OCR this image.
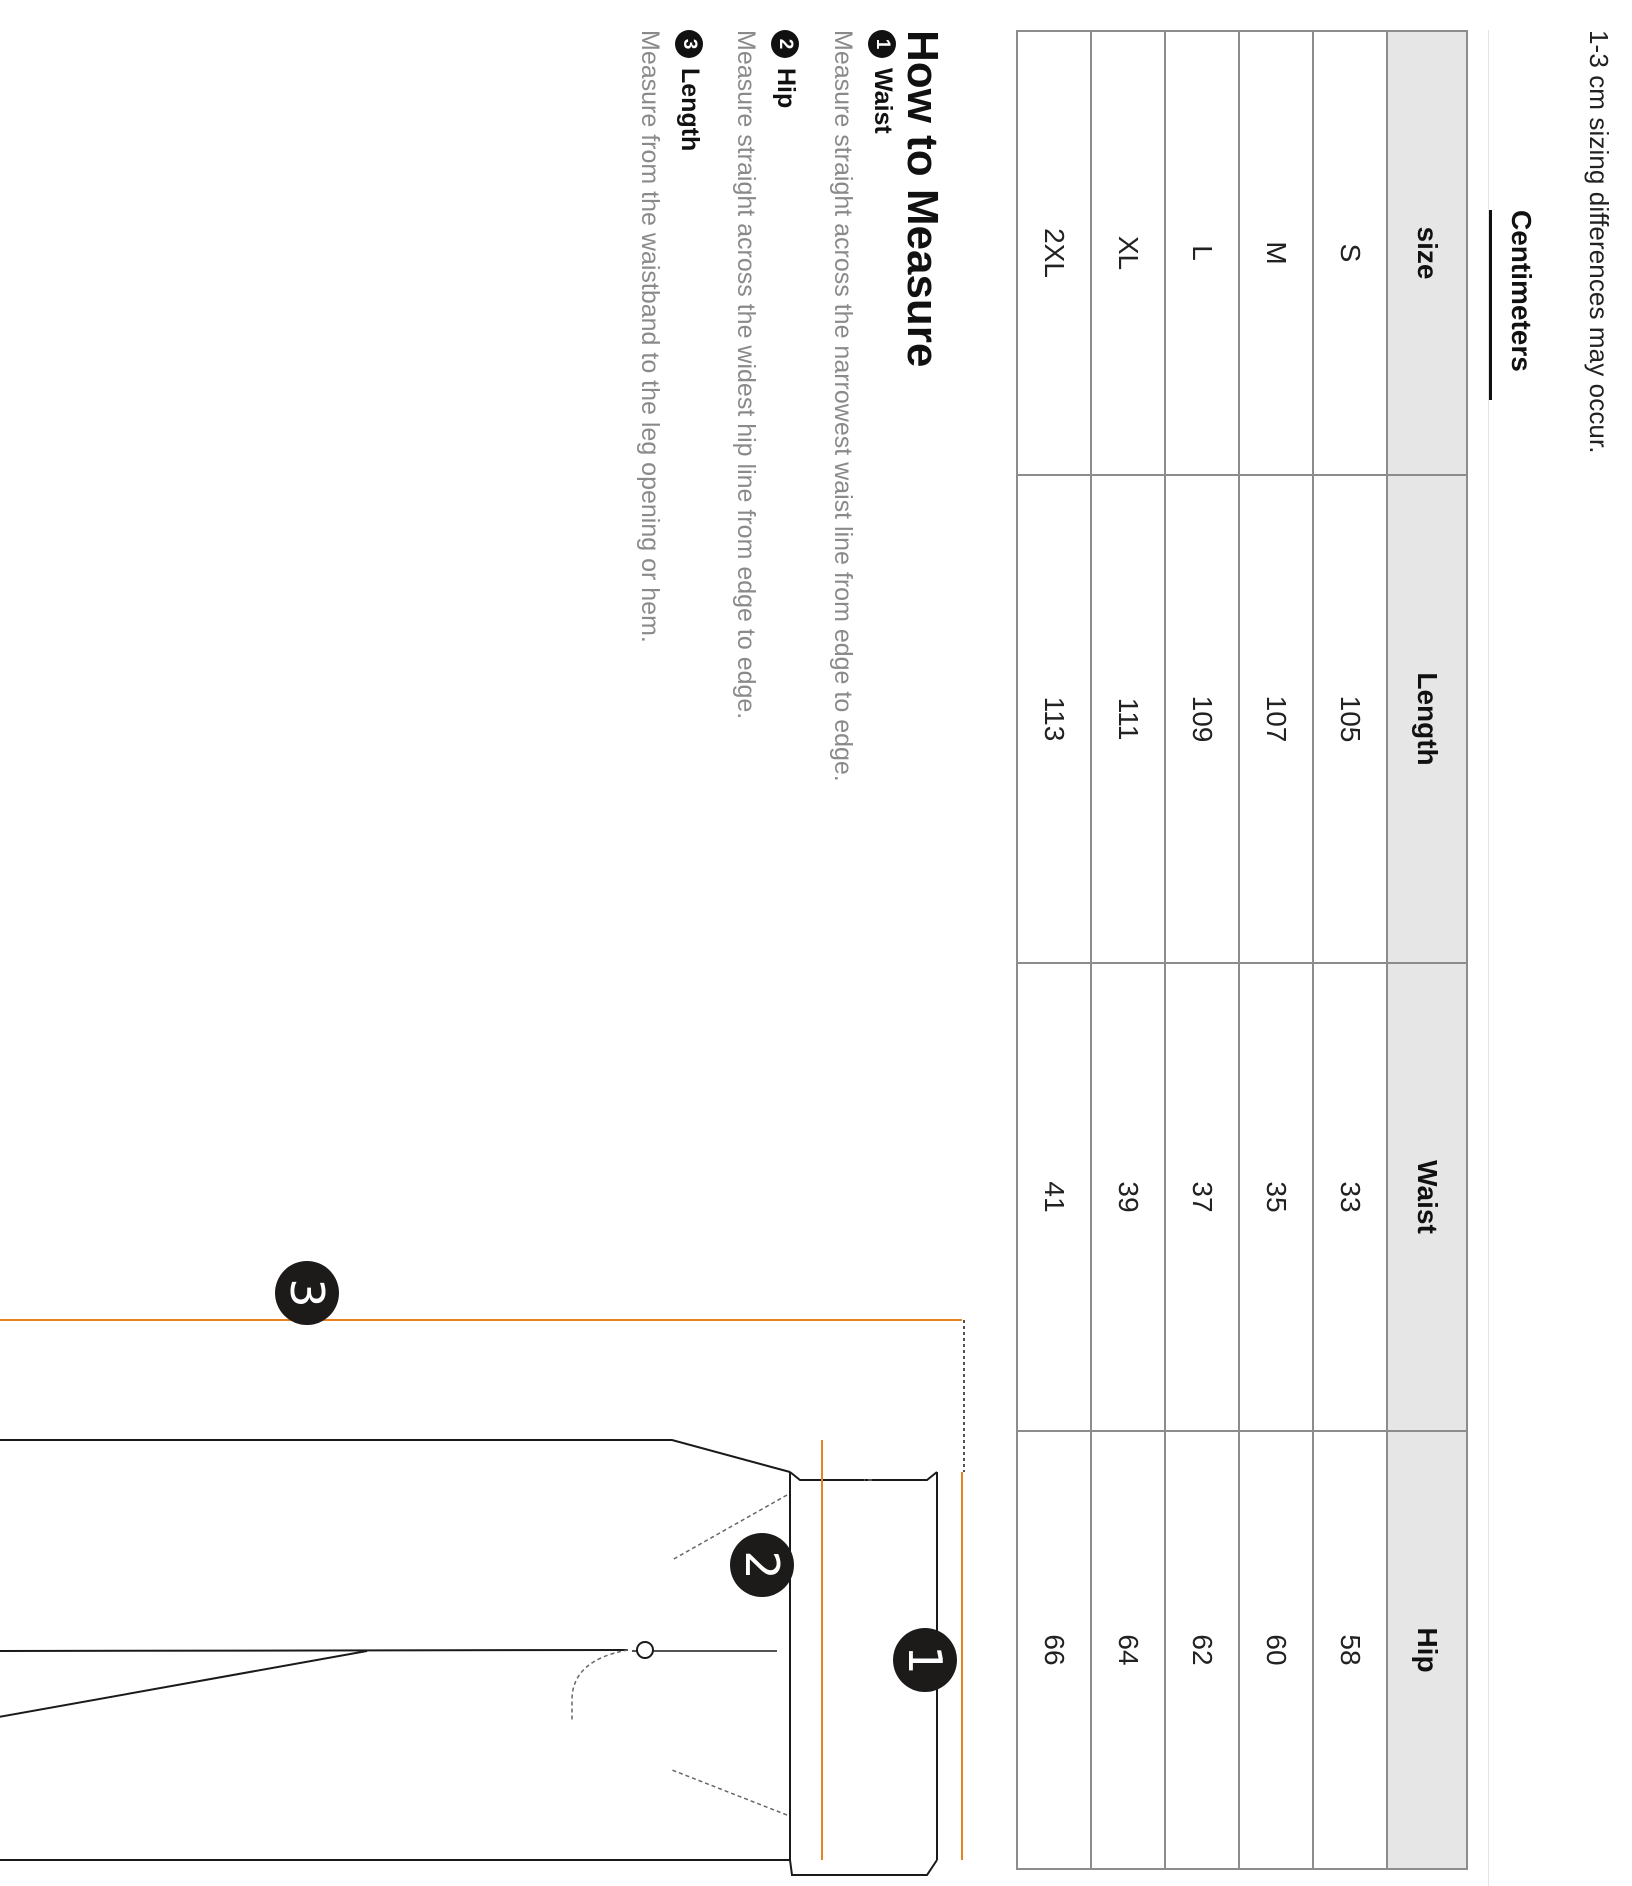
1-3 cm sizing differences may occur.
Centimeters
size	Length	Waist	Hip
S	105	33	58
M	107	35	60
L	109	37	62
XL	111	39	64
2XL	113	41	66
How to Measure
1
Waist
Measure straight across the narrowest waist line from edge to edge.
2
Hip
Measure straight across the widest hip line from edge to edge.
3
Length
Measure from the waistband to the leg opening or hem.
1
2
3
